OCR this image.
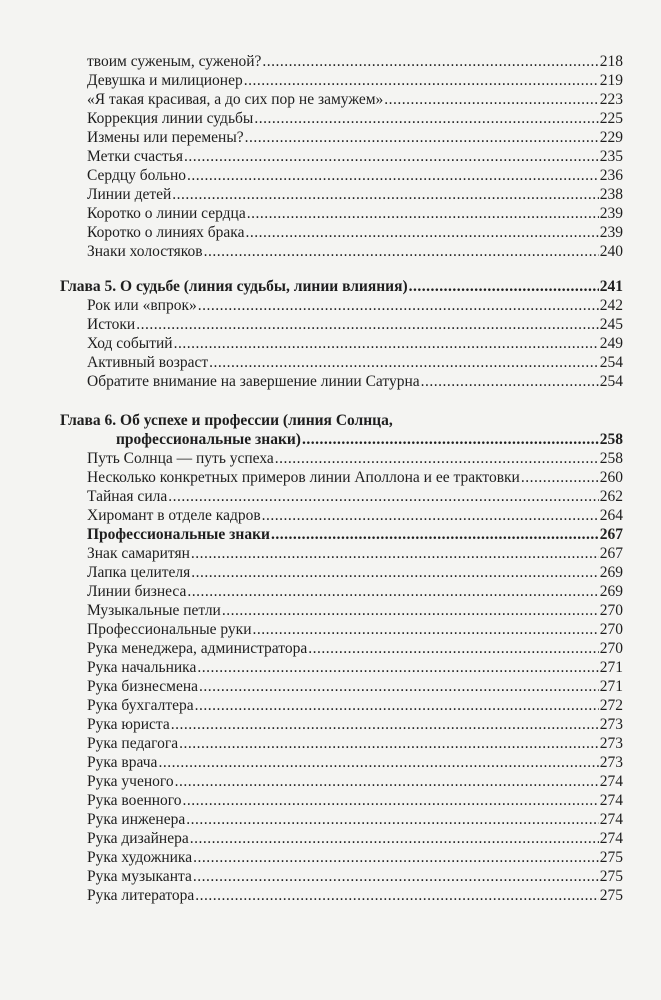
твоим суженым, суженой? .....	218
Девушка и милиционер .....	219
«Я такая красивая, а до сих пор не замужем» .....	223
Коррекция линии судьбы .....	225
Измены или перемены? .....	229
Метки счастья .....	235
Сердцу больно .....	236
Линии детей .....	238
Коротко о линии сердца .....	239
Коротко о линиях брака .....	239
Знаки холостяков .....	240
Глава 5. О судьбе (линия судьбы, линии влияния) .....	241
Рок или «впрок» .....	242
Истоки .....	245
Ход событий .....	249
Активный возраст .....	254
Обратите внимание на завершение линии Сатурна .....	254
Глава 6. Об успехе и профессии (линия Солнца,
профессиональные знаки) .....	258
Путь Солнца — путь успеха .....	258
Несколько конкретных примеров линии Аполлона и ее трактовки .....	260
Тайная сила .....	262
Хиромант в отделе кадров .....	264
Профессиональные знаки .....	267
Знак самаритян .....	267
Лапка целителя .....	269
Линии бизнеса .....	269
Музыкальные петли .....	270
Профессиональные руки .....	270
Рука менеджера, администратора .....	270
Рука начальника .....	271
Рука бизнесмена .....	271
Рука бухгалтера .....	272
Рука юриста .....	273
Рука педагога .....	273
Рука врача .....	273
Рука ученого .....	274
Рука военного .....	274
Рука инженера .....	274
Рука дизайнера .....	274
Рука художника .....	275
Рука музыканта .....	275
Рука литератора .....	275
